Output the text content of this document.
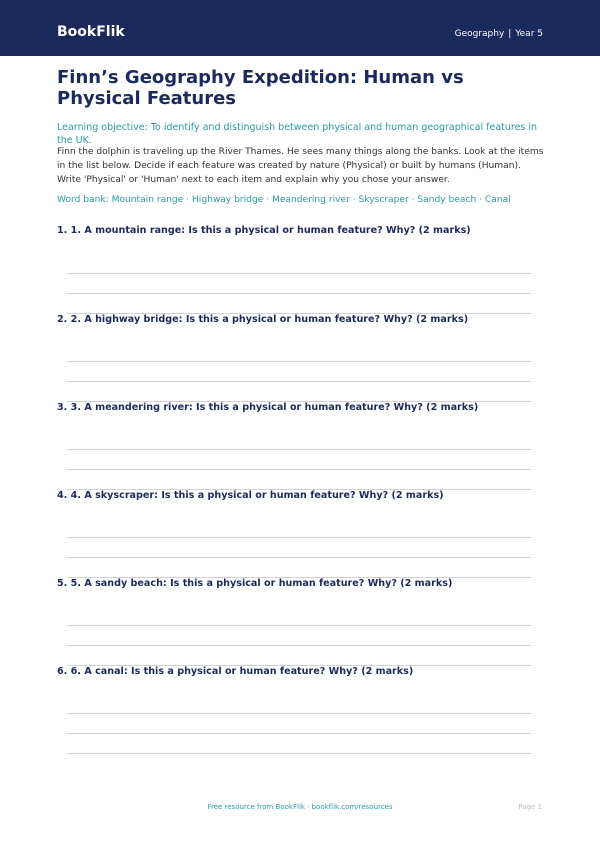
BookFlik	Geography | Year 5
Finn’s Geography Expedition: Human vs Physical Features

Learning objective: To identify and distinguish between physical and human geographical features in the UK.

Finn the dolphin is traveling up the River Thames. He sees many things along the banks. Look at the items in the list below. Decide if each feature was created by nature (Physical) or built by humans (Human). Write 'Physical' or 'Human' next to each item and explain why you chose your answer.

Word bank: Mountain range · Highway bridge · Meandering river · Skyscraper · Sandy beach · Canal

1. 1. A mountain range: Is this a physical or human feature? Why? (2 marks)

2. 2. A highway bridge: Is this a physical or human feature? Why? (2 marks)

3. 3. A meandering river: Is this a physical or human feature? Why? (2 marks)

4. 4. A skyscraper: Is this a physical or human feature? Why? (2 marks)

5. 5. A sandy beach: Is this a physical or human feature? Why? (2 marks)

6. 6. A canal: Is this a physical or human feature? Why? (2 marks)

Free resource from BookFlik · bookflik.com/resources	Page 1
